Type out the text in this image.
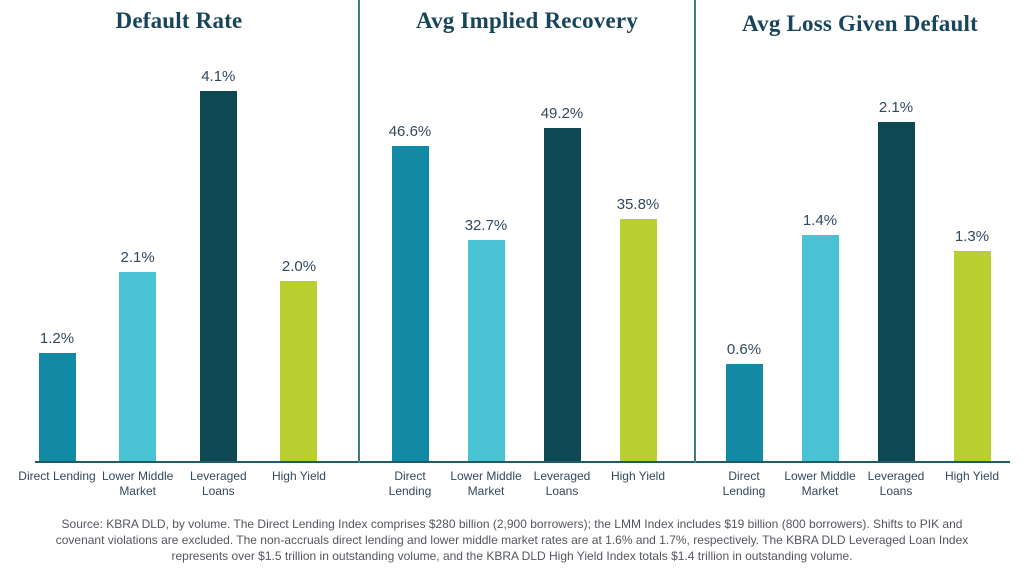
Default Rate
1.2%
2.1%
4.1%
2.0%
Direct Lending Lower Middle Market
Leveraged Loans
High Yield
Avg Implied Recovery
46.6%
32.7%
49.2%
35.8%
Direct Lending
Lower Middle Market
Leveraged Loans
High Yield
Avg Loss Given Default
0.6%
1.4%
2.1%
1.3%
Direct Lending
Lower Middle Market
Leveraged Loans
High Yield

Source: KBRA DLD, by volume. The Direct Lending Index comprises $280 billion (2,900 borrowers); the LMM Index includes $19 billion (800 borrowers). Shifts to PIK and covenant violations are excluded. The non-accruals direct lending and lower middle market rates are at 1.6% and 1.7%, respectively. The KBRA DLD Leveraged Loan Index represents over $1.5 trillion in outstanding volume, and the KBRA DLD High Yield Index totals $1.4 trillion in outstanding volume.
